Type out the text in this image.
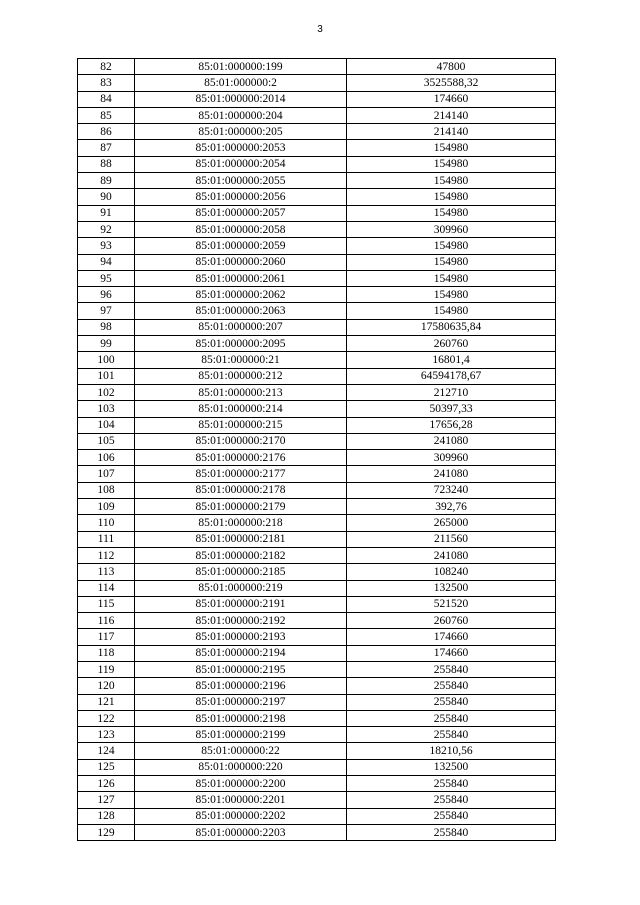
3
82	85:01:000000:199	47800
83	85:01:000000:2	3525588,32
84	85:01:000000:2014	174660
85	85:01:000000:204	214140
86	85:01:000000:205	214140
87	85:01:000000:2053	154980
88	85:01:000000:2054	154980
89	85:01:000000:2055	154980
90	85:01:000000:2056	154980
91	85:01:000000:2057	154980
92	85:01:000000:2058	309960
93	85:01:000000:2059	154980
94	85:01:000000:2060	154980
95	85:01:000000:2061	154980
96	85:01:000000:2062	154980
97	85:01:000000:2063	154980
98	85:01:000000:207	17580635,84
99	85:01:000000:2095	260760
100	85:01:000000:21	16801,4
101	85:01:000000:212	64594178,67
102	85:01:000000:213	212710
103	85:01:000000:214	50397,33
104	85:01:000000:215	17656,28
105	85:01:000000:2170	241080
106	85:01:000000:2176	309960
107	85:01:000000:2177	241080
108	85:01:000000:2178	723240
109	85:01:000000:2179	392,76
110	85:01:000000:218	265000
111	85:01:000000:2181	211560
112	85:01:000000:2182	241080
113	85:01:000000:2185	108240
114	85:01:000000:219	132500
115	85:01:000000:2191	521520
116	85:01:000000:2192	260760
117	85:01:000000:2193	174660
118	85:01:000000:2194	174660
119	85:01:000000:2195	255840
120	85:01:000000:2196	255840
121	85:01:000000:2197	255840
122	85:01:000000:2198	255840
123	85:01:000000:2199	255840
124	85:01:000000:22	18210,56
125	85:01:000000:220	132500
126	85:01:000000:2200	255840
127	85:01:000000:2201	255840
128	85:01:000000:2202	255840
129	85:01:000000:2203	255840
